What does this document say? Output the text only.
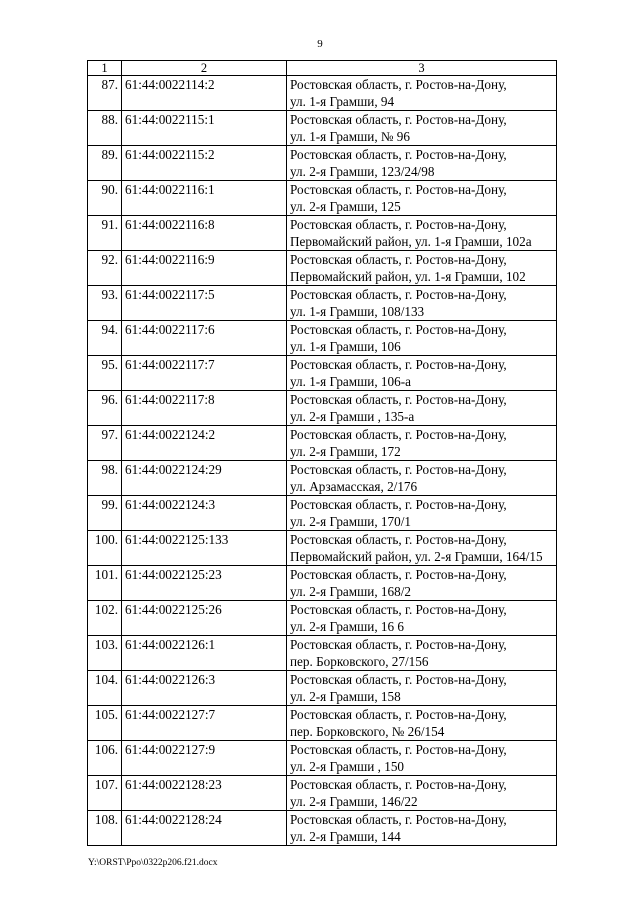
9
1	2	3
87.	61:44:0022114:2	Ростовская область, г. Ростов-на-Дону,
ул. 1-я Грамши, 94

88.	61:44:0022115:1	Ростовская область, г. Ростов-на-Дону,
ул. 1-я Грамши, № 96

89.	61:44:0022115:2	Ростовская область, г. Ростов-на-Дону,
ул. 2-я Грамши, 123/24/98

90.	61:44:0022116:1	Ростовская область, г. Ростов-на-Дону,
ул. 2-я Грамши, 125

91.	61:44:0022116:8	Ростовская область, г. Ростов-на-Дону,
Первомайский район, ул. 1-я Грамши, 102а

92.	61:44:0022116:9	Ростовская область, г. Ростов-на-Дону,
Первомайский район, ул. 1-я Грамши, 102

93.	61:44:0022117:5	Ростовская область, г. Ростов-на-Дону,
ул. 1-я Грамши, 108/133

94.	61:44:0022117:6	Ростовская область, г. Ростов-на-Дону,
ул. 1-я Грамши, 106

95.	61:44:0022117:7	Ростовская область, г. Ростов-на-Дону,
ул. 1-я Грамши, 106-а

96.	61:44:0022117:8	Ростовская область, г. Ростов-на-Дону,
ул. 2-я Грамши , 135-а

97.	61:44:0022124:2	Ростовская область, г. Ростов-на-Дону,
ул. 2-я Грамши, 172

98.	61:44:0022124:29	Ростовская область, г. Ростов-на-Дону,
ул. Арзамасская, 2/176

99.	61:44:0022124:3	Ростовская область, г. Ростов-на-Дону,
ул. 2-я Грамши, 170/1

100.	61:44:0022125:133	Ростовская область, г. Ростов-на-Дону,
Первомайский район, ул. 2-я Грамши, 164/15

101.	61:44:0022125:23	Ростовская область, г. Ростов-на-Дону,
ул. 2-я Грамши, 168/2

102.	61:44:0022125:26	Ростовская область, г. Ростов-на-Дону,
ул. 2-я Грамши, 16 6

103.	61:44:0022126:1	Ростовская область, г. Ростов-на-Дону,
пер. Борковского, 27/156

104.	61:44:0022126:3	Ростовская область, г. Ростов-на-Дону,
ул. 2-я Грамши, 158

105.	61:44:0022127:7	Ростовская область, г. Ростов-на-Дону,
пер. Борковского, № 26/154

106.	61:44:0022127:9	Ростовская область, г. Ростов-на-Дону,
ул. 2-я Грамши , 150

107.	61:44:0022128:23	Ростовская область, г. Ростов-на-Дону,
ул. 2-я Грамши, 146/22

108.	61:44:0022128:24	Ростовская область, г. Ростов-на-Дону,
ул. 2-я Грамши, 144
Y:\ORST\Ppo\0322p206.f21.docx
